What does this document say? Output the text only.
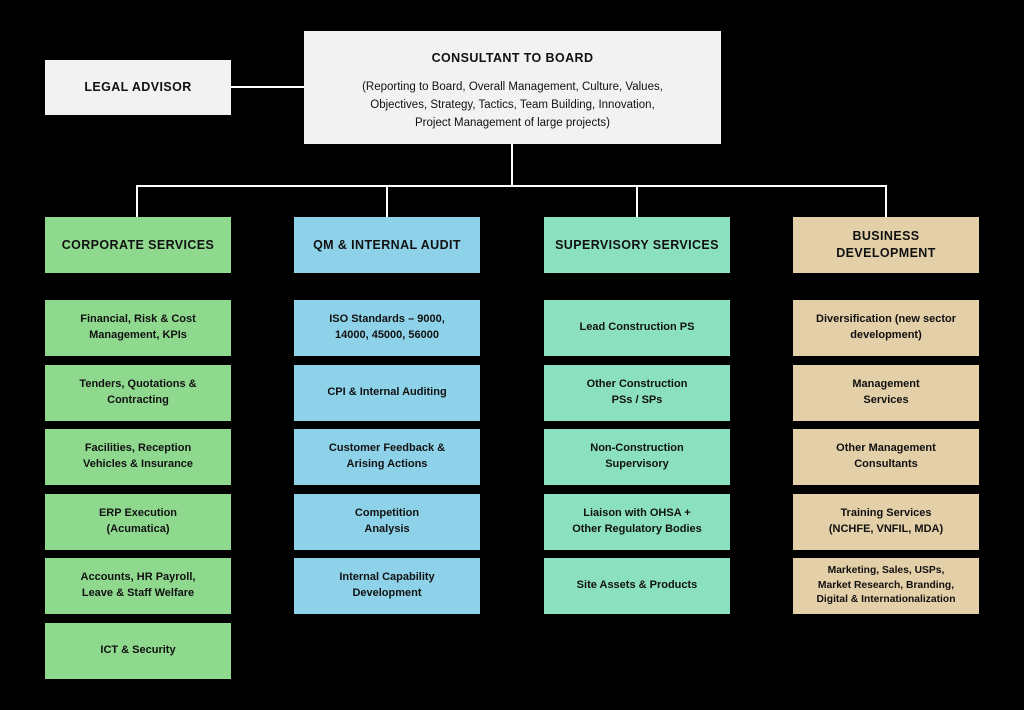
LEGAL ADVISOR
CONSULTANT TO BOARD
(Reporting to Board, Overall Management, Culture, Values,
Objectives, Strategy, Tactics, Team Building, Innovation,
Project Management of large projects)
CORPORATE SERVICES
Financial, Risk & Cost
Management, KPIs
Tenders, Quotations &
Contracting
Facilities, Reception
Vehicles & Insurance
ERP Execution
(Acumatica)
Accounts, HR Payroll,
Leave & Staff Welfare
ICT & Security
QM & INTERNAL AUDIT
ISO Standards – 9000,
14000, 45000, 56000
CPI & Internal Auditing
Customer Feedback &
Arising Actions
Competition
Analysis
Internal Capability
Development
SUPERVISORY SERVICES
Lead Construction PS
Other Construction
PSs / SPs
Non-Construction
Supervisory
Liaison with OHSA +
Other Regulatory Bodies
Site Assets & Products
BUSINESS DEVELOPMENT
Diversification (new sector
development)
Management
Services
Other Management
Consultants
Training Services
(NCHFE, VNFIL, MDA)
Marketing, Sales, USPs,
Market Research, Branding,
Digital & Internationalization
